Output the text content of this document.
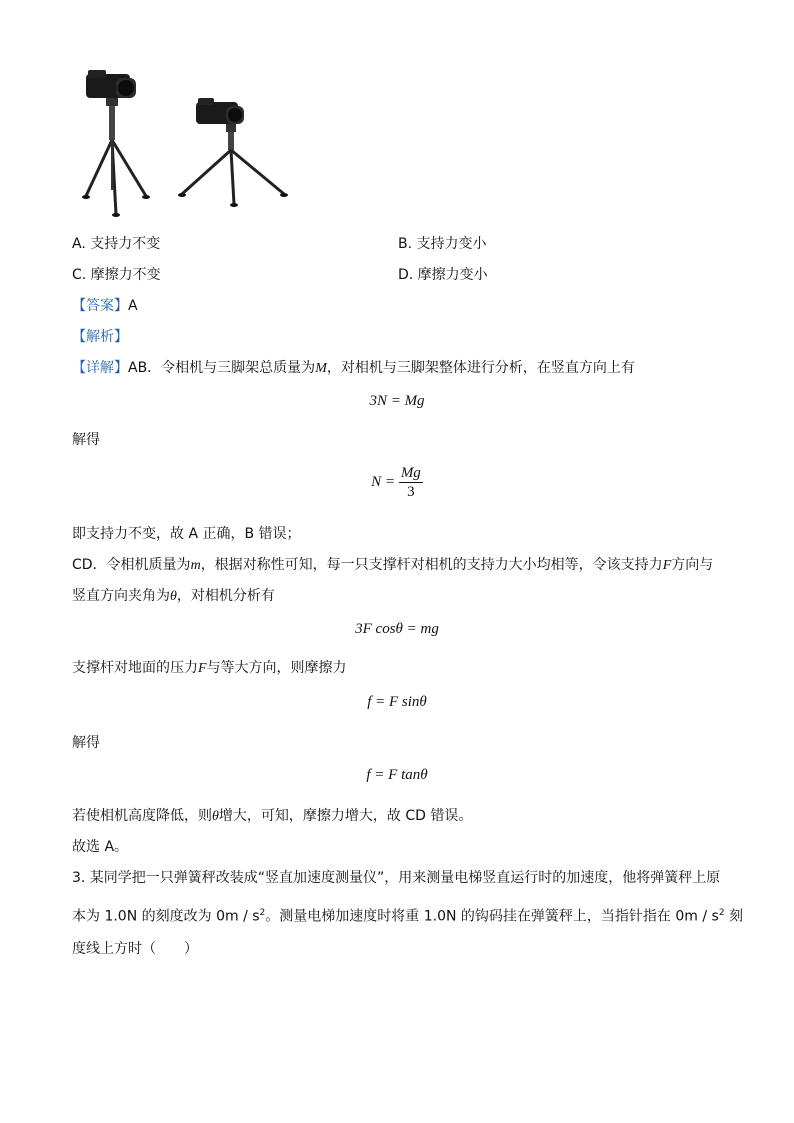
A. 支持力不变	B. 支持力变小
C. 摩擦力不变	D. 摩擦力变小
【答案】A
【解析】
【详解】AB．令相机与三脚架总质量为M，对相机与三脚架整体进行分析，在竖直方向上有
3N = Mg
解得
$N = \frac{Mg}{3}$
即支持力不变，故 A 正确，B 错误；
CD．令相机质量为m，根据对称性可知，每一只支撑杆对相机的支持力大小均相等，令该支持力F方向与
竖直方向夹角为θ，对相机分析有
3F cosθ = mg
支撑杆对地面的压力F与等大方向，则摩擦力
f = F sinθ
解得
f = F tanθ
若使相机高度降低，则θ增大，可知，摩擦力增大，故 CD 错误。
故选 A。
3. 某同学把一只弹簧秤改装成“竖直加速度测量仪”，用来测量电梯竖直运行时的加速度，他将弹簧秤上原
本为 1.0N 的刻度改为 $0m / s^2$。测量电梯加速度时将重 1.0N 的钩码挂在弹簧秤上，当指针指在 $0m / s^2$ 刻
度线上方时（　　）
